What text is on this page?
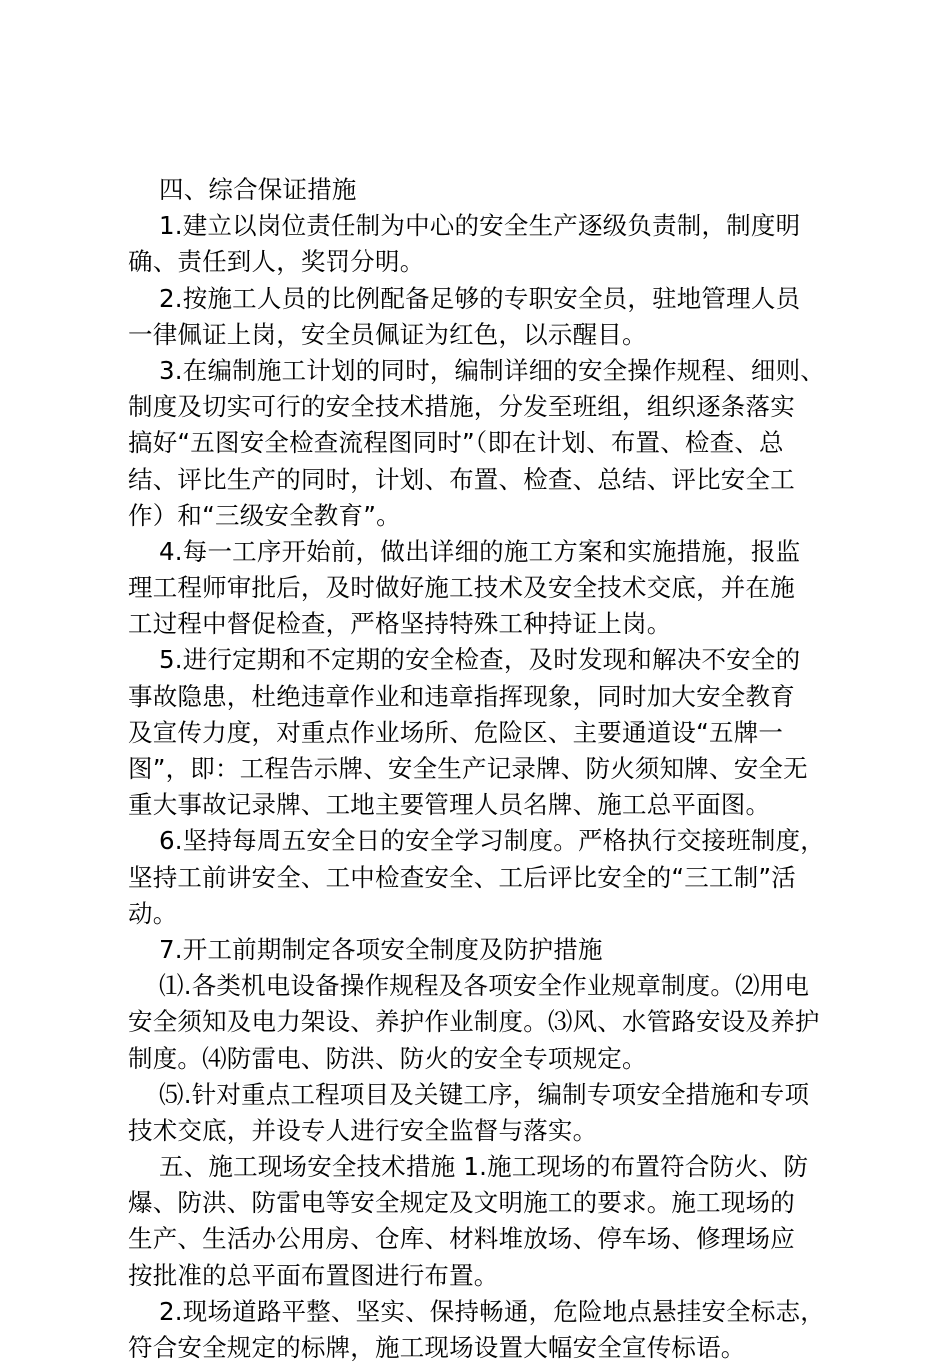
四、综合保证措施
1.建立以岗位责任制为中心的安全生产逐级负责制，制度明
确、责任到人，奖罚分明。
2.按施工人员的比例配备足够的专职安全员，驻地管理人员
一律佩证上岗，安全员佩证为红色，以示醒目。
3.在编制施工计划的同时，编制详细的安全操作规程、细则、
制度及切实可行的安全技术措施，分发至班组，组织逐条落实
搞好“五图安全检查流程图同时”（即在计划、布置、检查、总
结、评比生产的同时，计划、布置、检查、总结、评比安全工
作）和“三级安全教育”。
4.每一工序开始前，做出详细的施工方案和实施措施，报监
理工程师审批后，及时做好施工技术及安全技术交底，并在施
工过程中督促检查，严格坚持特殊工种持证上岗。
5.进行定期和不定期的安全检查，及时发现和解决不安全的
事故隐患，杜绝违章作业和违章指挥现象，同时加大安全教育
及宣传力度，对重点作业场所、危险区、主要通道设“五牌一
图”，即：工程告示牌、安全生产记录牌、防火须知牌、安全无
重大事故记录牌、工地主要管理人员名牌、施工总平面图。
6.坚持每周五安全日的安全学习制度。严格执行交接班制度，
坚持工前讲安全、工中检查安全、工后评比安全的“三工制”活
动。
7.开工前期制定各项安全制度及防护措施
⑴.各类机电设备操作规程及各项安全作业规章制度。⑵用电
安全须知及电力架设、养护作业制度。⑶风、水管路安设及养护
制度。⑷防雷电、防洪、防火的安全专项规定。
⑸.针对重点工程项目及关键工序，编制专项安全措施和专项
技术交底，并设专人进行安全监督与落实。
五、施工现场安全技术措施 1.施工现场的布置符合防火、防
爆、防洪、防雷电等安全规定及文明施工的要求。施工现场的
生产、生活办公用房、仓库、材料堆放场、停车场、修理场应
按批准的总平面布置图进行布置。
2.现场道路平整、坚实、保持畅通，危险地点悬挂安全标志，
符合安全规定的标牌，施工现场设置大幅安全宣传标语。
